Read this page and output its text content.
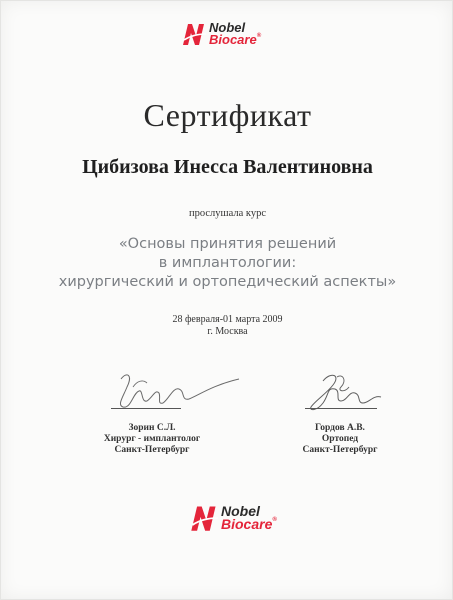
Nobel
Biocare®
Сертификат
Цибизова Инесса Валентиновна
прослушала курс
«Основы принятия решений
в имплантологии:
хирургический и ортопедический аспекты»
28 февраля-01 марта 2009
г. Москва
Зорин С.Л.
Хирург - имплантолог
Санкт-Петербург
Гордов А.В.
Ортопед
Санкт-Петербург
Nobel
Biocare®
